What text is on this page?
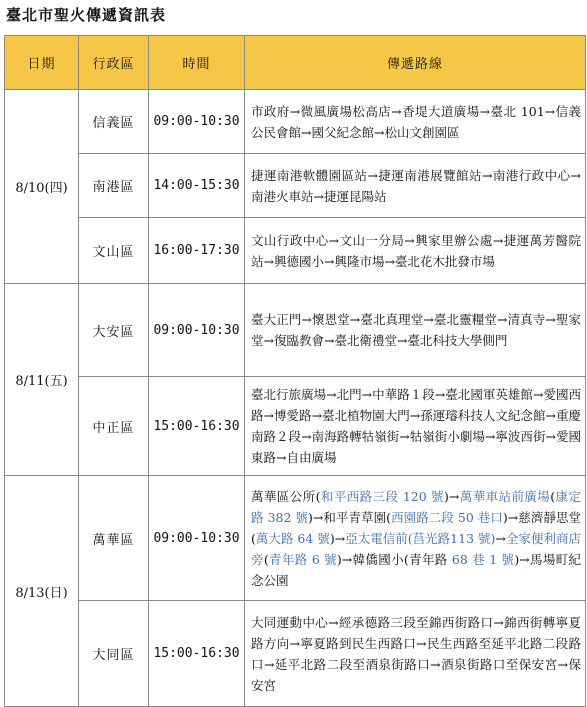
臺北市聖火傳遞資訊表
日期	行政區	時間	傳遞路線
8/10(四)	信義區	09:00-10:30	市政府→微風廣場松高店→香堤大道廣場→臺北 101→信義公民會館→國父紀念館→松山文創園區
	南港區	14:00-15:30	捷運南港軟體園區站→捷運南港展覽館站→南港行政中心→南港火車站→捷運昆陽站
	文山區	16:00-17:30	文山行政中心→文山一分局→興家里辦公處→捷運萬芳醫院站→興德國小→興隆市場→臺北花木批發市場
8/11(五)	大安區	09:00-10:30	臺大正門→懷恩堂→臺北真理堂→臺北靈糧堂→清真寺→聖家堂→復臨教會→臺北衛禮堂→臺北科技大學側門
	中正區	15:00-16:30	臺北行旅廣場→北門→中華路１段→臺北國軍英雄館→愛國西路→博愛路→臺北植物園大門→孫運璿科技人文紀念館→重慶南路２段→南海路轉牯嶺街→牯嶺街小劇場→寧波西街→愛國東路→自由廣場
8/13(日)	萬華區	09:00-10:30	萬華區公所(和平西路三段 120 號)→萬華車站前廣場(康定路 382 號)→和平青草園(西園路二段 50 巷口)→慈濟靜思堂(萬大路 64 號)→亞太電信前(莒光路113 號)→全家便利商店旁(青年路 6 號)→韓僑國小(青年路 68 巷 1 號)→馬場町紀念公園
	大同區	15:00-16:30	大同運動中心→經承德路三段至錦西街路口→錦西街轉寧夏路方向→寧夏路到民生西路口→民生西路至延平北路二段路口→延平北路二段至酒泉街路口→酒泉街路口至保安宮→保安宮
